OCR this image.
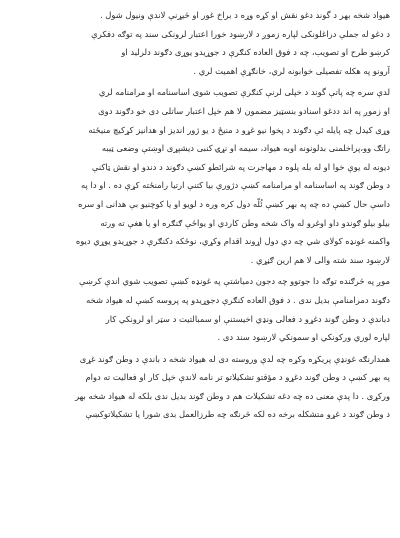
هیواد شخه بهر د گوند دغو نقش او کړه وړه د براخ غور او څیړنې لاندې ونیول شول .
د دغو له جملې دراغلونکی لپاره زموږ د لارښود خورا اعتبار لرونکی سند په توګه دفکرې
کرښو طرح او تصویب، چه د فوق العاده کنګرې د جوړیدو یوړی دګوند دلرلید او
آرونو په هکله تفصیلی خوابونه لري، خانګړې اهمیت لري .
لدې سره چه پاتې گوند د خپلی لرنې کنګرې تصویب شوی اساسنامه او مرامنامه لري
او زموږ په اند ددغو اسنادو بنسټیز مضمون لا هم خپل اعتبار ساتلی دی خو دګوند دوی
وړی کیدل چه پایله ئې دګوند د پخوا نیو غړو د منیځ د یو ژور اندیز او هدانیز کړکیچ منیځته
راتګ وو،پراخلمنی بدلونونه اوبه هیواد، سیمه او نړۍ کنبی دیشپړی اوښتې وضعی ټیبه
دیونه له یوې خوا او له بله پلوه د مهاجرت په شرائطو کښې دګوند د دندو او نقش ټاکنې
د وطن ګوند په اساسنامه او مرامنامه کښې دژورې بیا کتنې ارتیا رامنځته کړې ده . او دا په
داسې حال کښې ده چه په بهر کښې ئُلّه دول کره وره د لویو او یا کوچنیو بې هدانی او سره
بیلو بیلو ګوندو داو اوغرو له واک شخه وطن کاردي او یواځې ګنګره او یا هغې ته ورته
واکمنه غونډه کولای شي چه دي دول اړوند اقدام وکړي، نوځکه دکنګرې د جوړیدو یوړي دیوه
لارښود سند شته والی لا هم ارین ګڼړي .
موږ په څرګنده توګه دا جوتوو چه دجون دمیاشتې په غونډه کښې تصویب شوي اندې کرښې
دګوند دمرامنامې بدیل ندی . د فوق العاده کنګرې دجوړیدو په پروسه کښې له هیواد شخه
دباندې د وطن ګوند دغړو د فعالی ونډي اخیستنې او سمبالتیت د سټر او لرونکي کار
لپاره لوري ورکونکي او سمونکي لارښود سند دی .
همدارنګه غونډې پریکړه وکړه چه لدې وروسته دی له هیواد شخه د باندې د وطن ګوند غړی
په بهر کښې د وطن ګوند دغړو د مؤقتو تشکیلاتو تر نامه لاندې خپل کار او فعالیت ته دوام
ورکړی . دا پدې معنی ده چه دغه تشکیلات هم د وطن ګوند بدیل ندی بلکه له هیواد شخه بهر
د وطن ګوند د غړو متشکله برخه ده لکه څرنګه چه طرزالعمل بدی شورا یا تشکیلاتوکښې
